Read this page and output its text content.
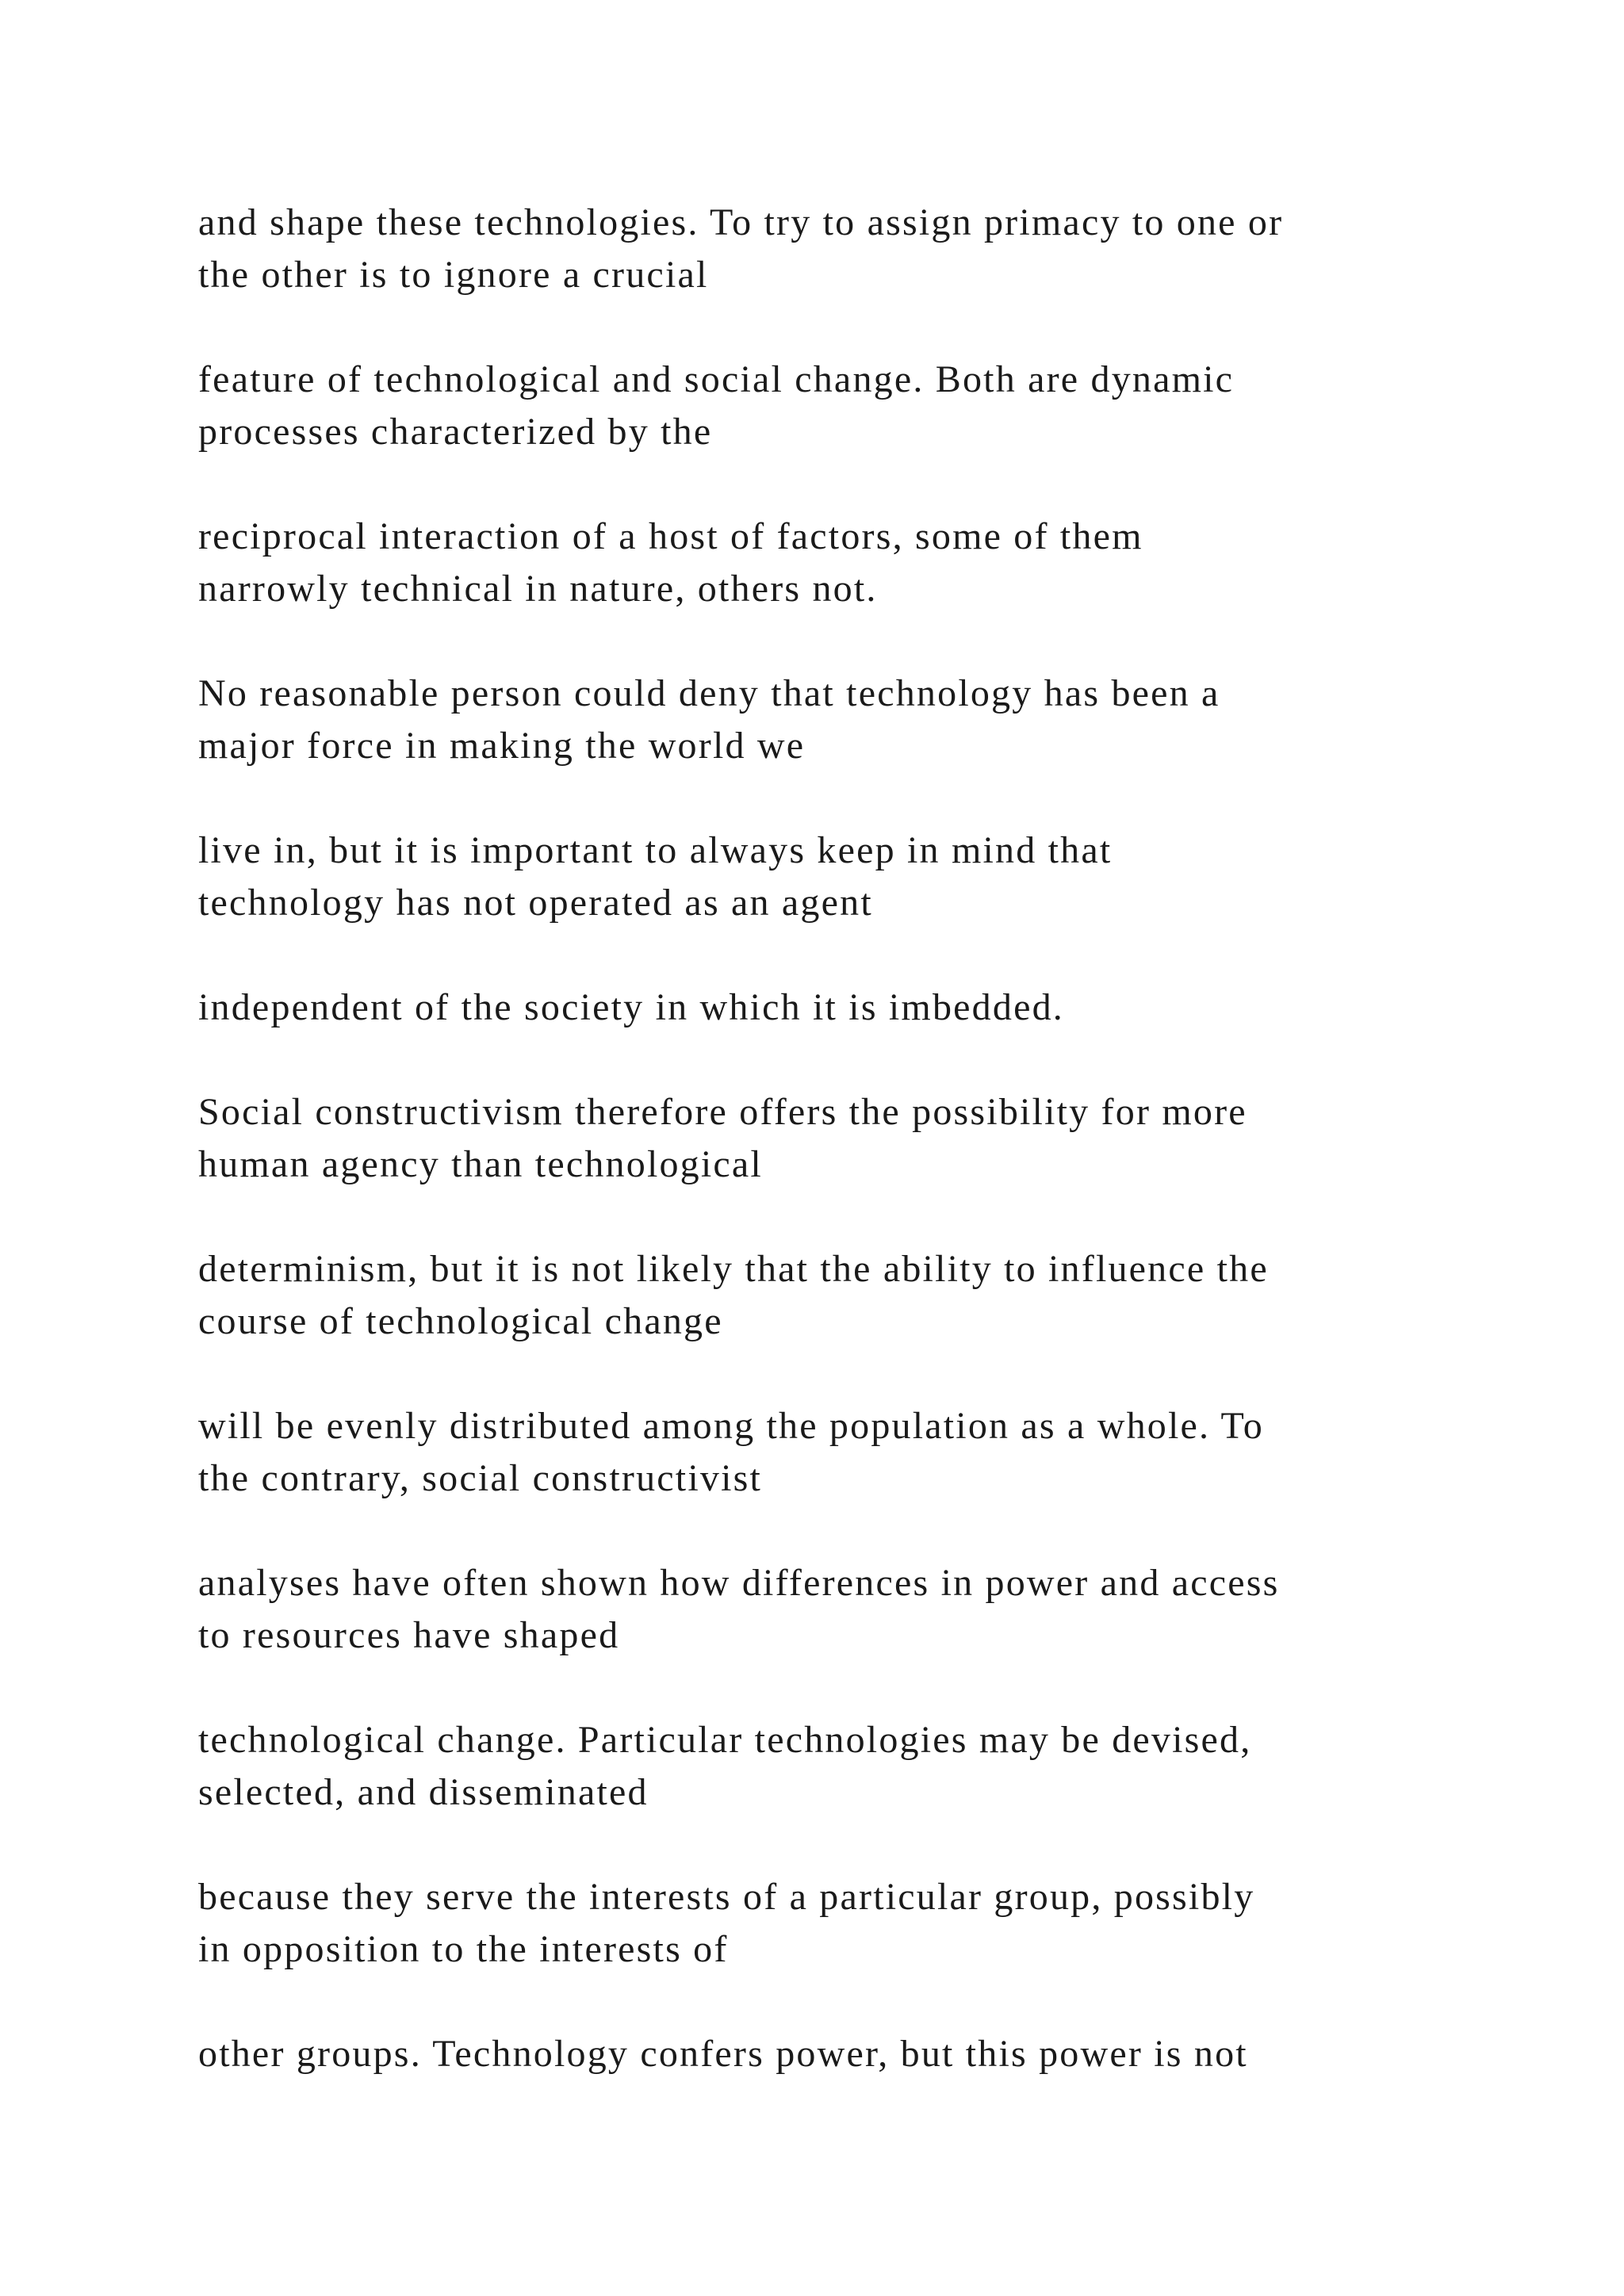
and shape these technologies. To try to assign primacy to one or
the other is to ignore a crucial

feature of technological and social change. Both are dynamic
processes characterized by the

reciprocal interaction of a host of factors, some of them
narrowly technical in nature, others not.

No reasonable person could deny that technology has been a
major force in making the world we

live in, but it is important to always keep in mind that
technology has not operated as an agent

independent of the society in which it is imbedded.

Social constructivism therefore offers the possibility for more
human agency than technological

determinism, but it is not likely that the ability to influence the
course of technological change

will be evenly distributed among the population as a whole. To
the contrary, social constructivist

analyses have often shown how differences in power and access
to resources have shaped

technological change. Particular technologies may be devised,
selected, and disseminated

because they serve the interests of a particular group, possibly
in opposition to the interests of

other groups. Technology confers power, but this power is not
